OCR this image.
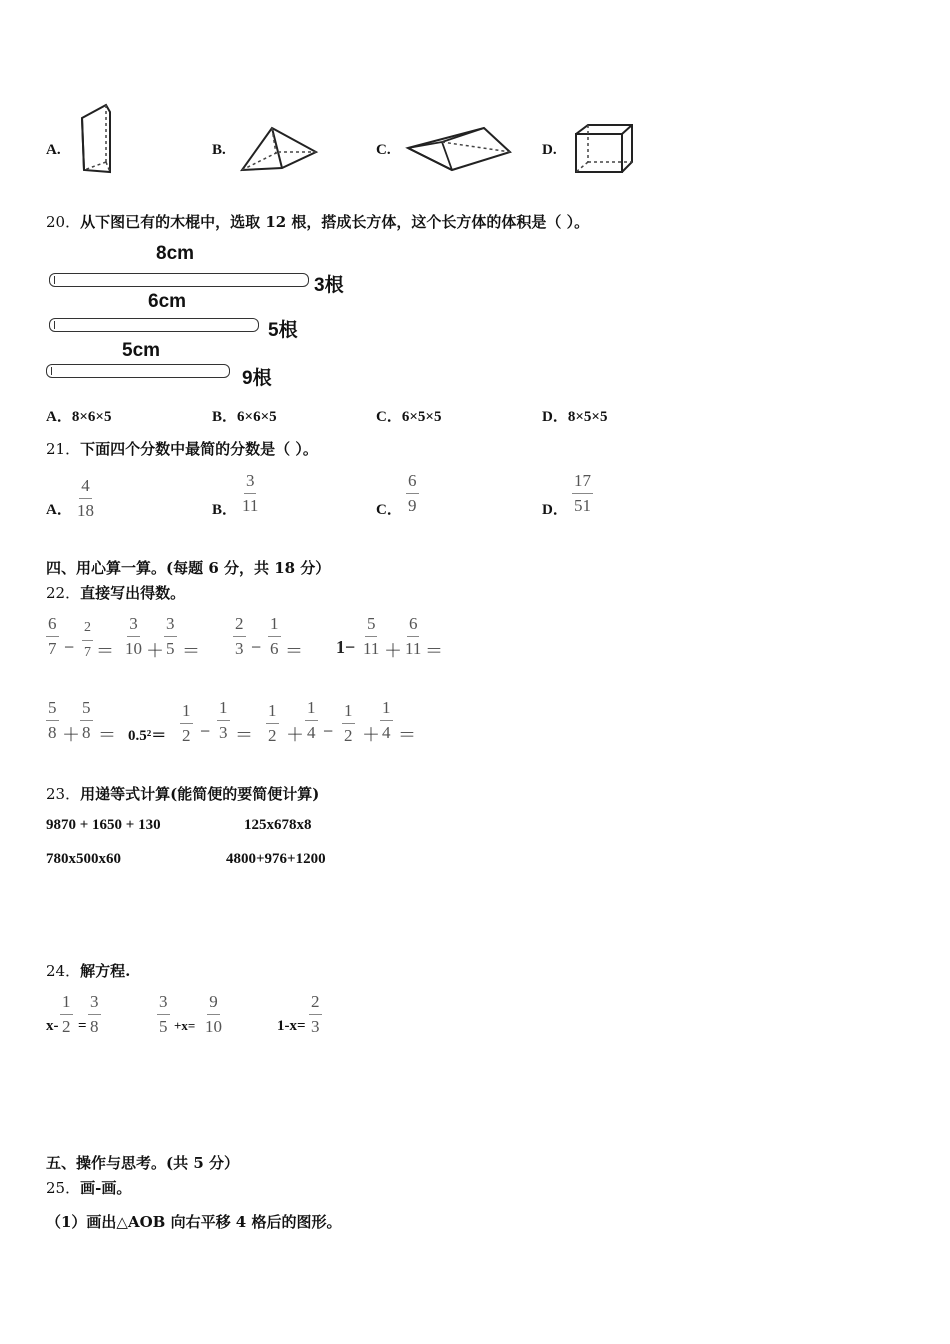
A.	B.	C.	D.
20．从下图已有的木棍中，选取 12 根，搭成长方体，这个长方体的体积是（ ）。
8cm
3根
6cm
5根
5cm
9根
A．8×6×5	B．6×6×5	C．6×5×5	D．8×5×5
21．下面四个分数中最简的分数是（ ）。
A． $\frac{4}{18}$	B． $\frac{3}{11}$	C． $\frac{6}{9}$	D． $\frac{17}{51}$
四、用心算一算。(每题 6 分，共 18 分）
22．直接写出得数。
$\frac{6}{7} - \frac{2}{7} = \frac{3}{10} + \frac{3}{5} = \frac{2}{3} - \frac{1}{6} = 1- \frac{5}{11} + \frac{6}{11}$ ＝
$\frac{5}{8} + \frac{5}{8} = 0.5^2= \frac{1}{2} - \frac{1}{3} = \frac{1}{2} + \frac{1}{4} - \frac{1}{2} + \frac{1}{4}$ ＝
23．用递等式计算(能简便的要简便计算)
9870 + 1650 + 130	125x678x8
780x500x60	4800+976+1200
24．解方程.
$x- \frac{1}{2} = \frac{3}{8}$	$\frac{3}{5} +x= \frac{9}{10}$	$1-x= \frac{2}{3}$
五、操作与思考。(共 5 分）
25．画-画。
（1）画出△AOB 向右平移 4 格后的图形。
